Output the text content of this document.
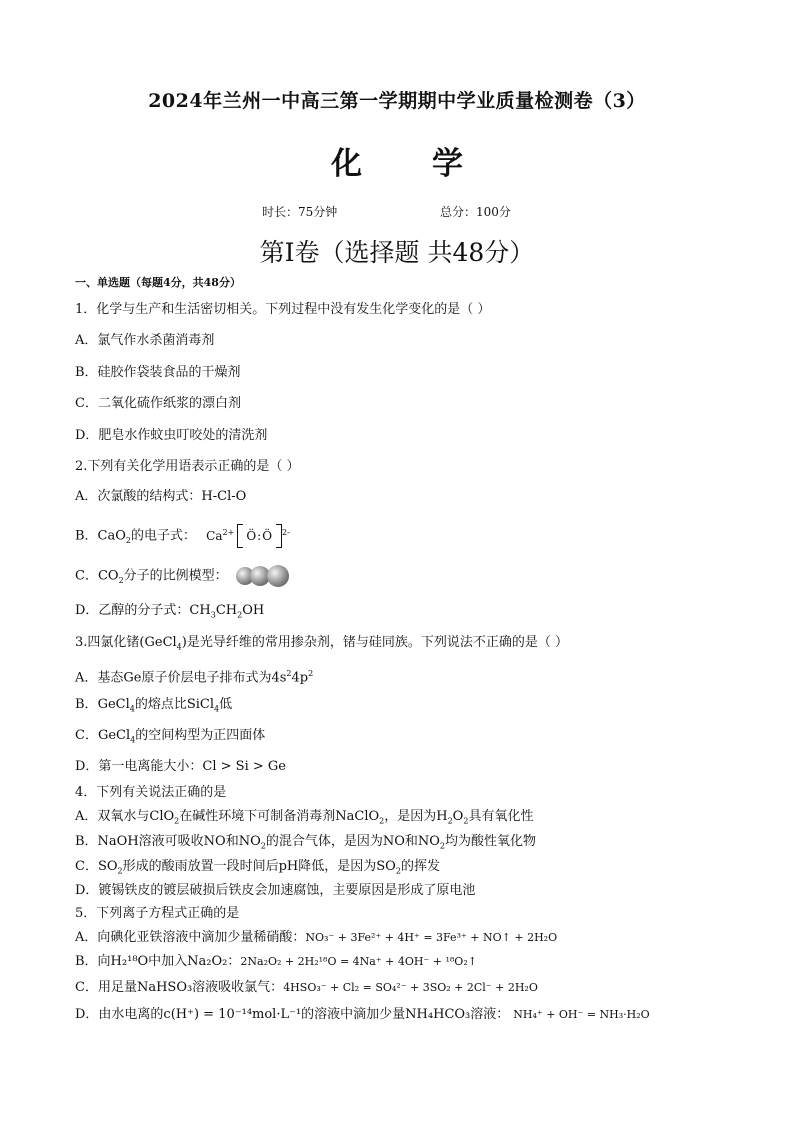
2024年兰州一中高三第一学期期中学业质量检测卷（3）
化 学
时长：75分钟	总分：100分
第Ⅰ卷（选择题 共48分）
一、单选题（每题4分，共48分）
1．化学与生产和生活密切相关。下列过程中没有发生化学变化的是（ ）
A．氯气作水杀菌消毒剂
B．硅胶作袋装食品的干燥剂
C．二氧化硫作纸浆的漂白剂
D．肥皂水作蚊虫叮咬处的清洗剂
2.下列有关化学用语表示正确的是（ ）
A．次氯酸的结构式：H-Cl-O
B．CaO$_2$的电子式： $Ca^{2+}$ Ö:Ö	$^{2-}$
C．$CO_2$分子的比例模型：
D．乙醇的分子式：$CH_3CH_2OH$
3.四氯化锗(GeCl$_4$)是光导纤维的常用掺杂剂，锗与硅同族。下列说法不正确的是（ ）
A．基态Ge原子价层电子排布式为$4s^24p^2$
B．GeCl$_4$的熔点比SiCl$_4$低
C．GeCl$_4$的空间构型为正四面体
D．第一电离能大小：Cl > Si > Ge
4．下列有关说法正确的是
A．双氧水与ClO$_2$在碱性环境下可制备消毒剂NaClO$_2$，是因为$H_2O_2$具有氧化性
B．NaOH溶液可吸收NO和$NO_2$的混合气体，是因为NO和$NO_2$均为酸性氧化物
C．$SO_2$形成的酸雨放置一段时间后pH降低，是因为$SO_2$的挥发
D．镀锡铁皮的镀层破损后铁皮会加速腐蚀，主要原因是形成了原电池
5．下列离子方程式正确的是
A．向碘化亚铁溶液中滴加少量稀硝酸：NO₃⁻ + 3Fe²⁺ + 4H⁺ = 3Fe³⁺ + NO↑ + 2H₂O
B．向H₂¹⁸O中加入Na₂O₂：2Na₂O₂ + 2H₂¹⁸O = 4Na⁺ + 4OH⁻ + ¹⁸O₂↑
C．用足量NaHSO₃溶液吸收氯气：4HSO₃⁻ + Cl₂ = SO₄²⁻ + 3SO₂ + 2Cl⁻ + 2H₂O
D．由水电离的c(H⁺) = 10⁻¹⁴mol·L⁻¹的溶液中滴加少量NH₄HCO₃溶液： NH₄⁺ + OH⁻ = NH₃·H₂O
